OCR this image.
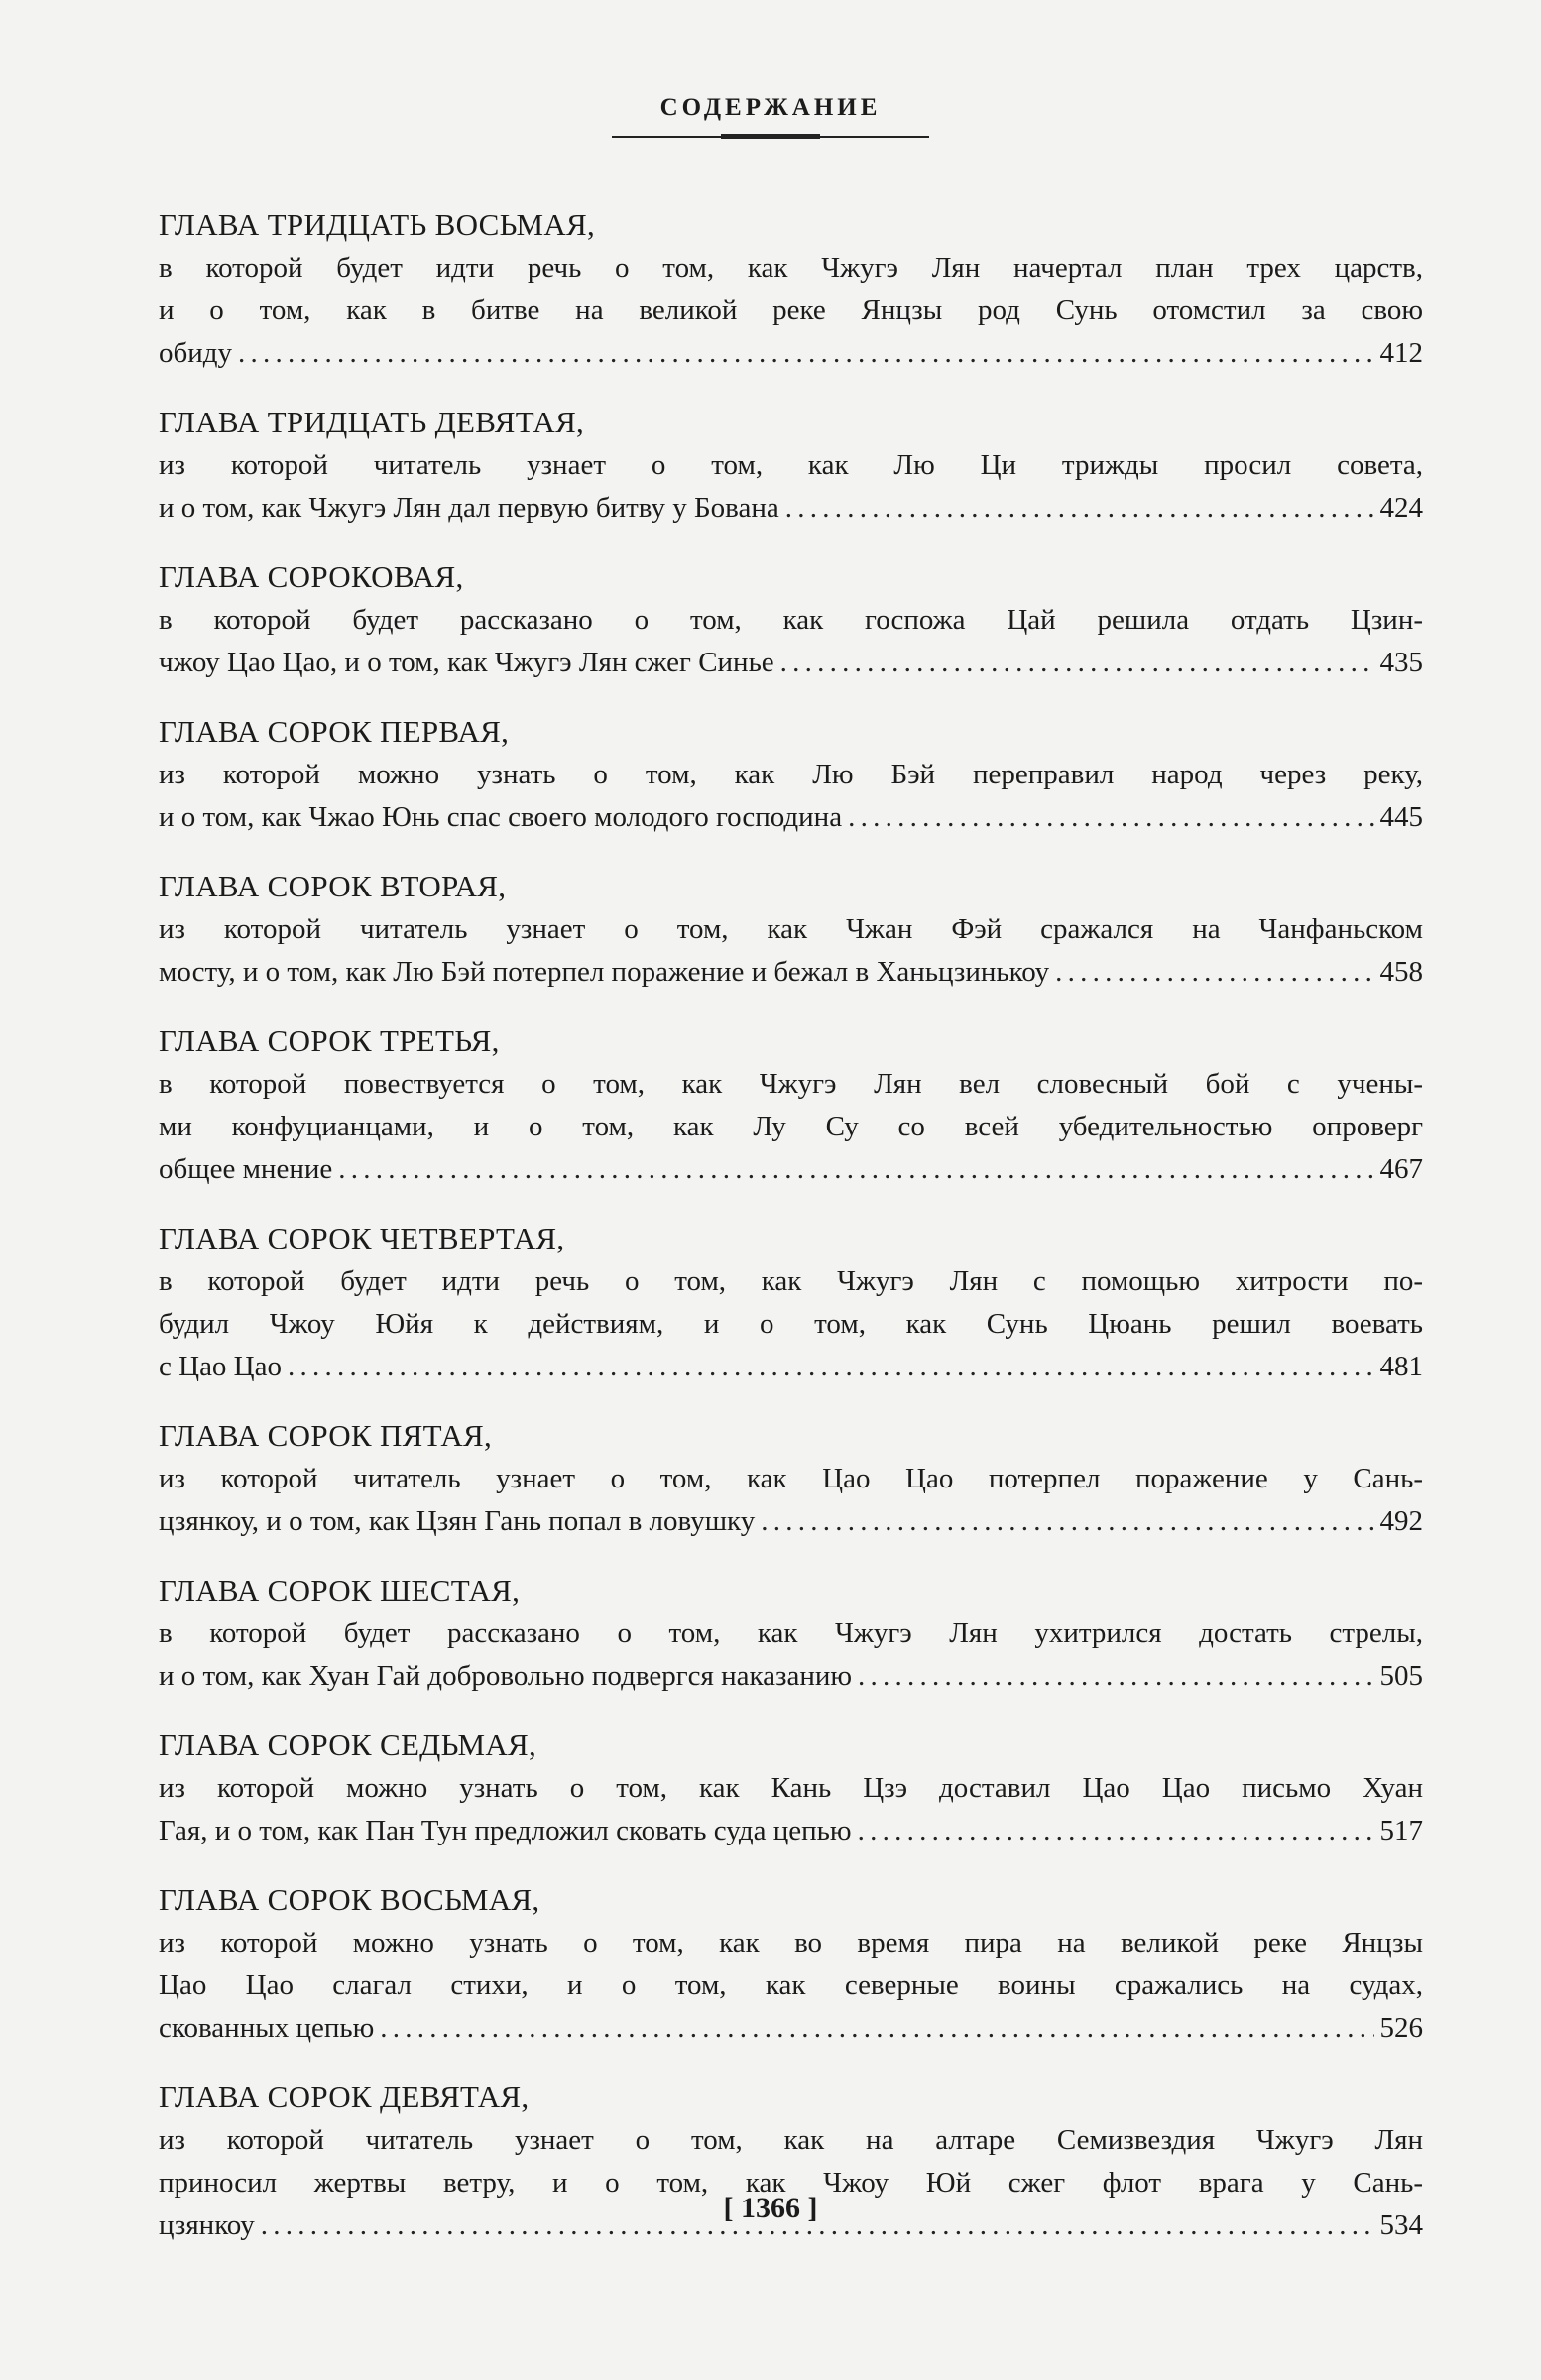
СОДЕРЖАНИЕ
ГЛАВА ТРИДЦАТЬ ВОСЬМАЯ,
в которой будет идти речь о том, как Чжугэ Лян начертал план трех царств,
и о том, как в битве на великой реке Янцзы род Сунь отомстил за свою
обиду . . .	412
ГЛАВА ТРИДЦАТЬ ДЕВЯТАЯ,
из которой читатель узнает о том, как Лю Ци трижды просил совета,
и о том, как Чжугэ Лян дал первую битву у Бована . . .	424
ГЛАВА СОРОКОВАЯ,
в которой будет рассказано о том, как госпожа Цай решила отдать Цзин-
чжоу Цао Цао, и о том, как Чжугэ Лян сжег Синье . . .	435
ГЛАВА СОРОК ПЕРВАЯ,
из которой можно узнать о том, как Лю Бэй переправил народ через реку,
и о том, как Чжао Юнь спас своего молодого господина . . .	445
ГЛАВА СОРОК ВТОРАЯ,
из которой читатель узнает о том, как Чжан Фэй сражался на Чанфаньском
мосту, и о том, как Лю Бэй потерпел поражение и бежал в Ханьцзинькоу . . .	458
ГЛАВА СОРОК ТРЕТЬЯ,
в которой повествуется о том, как Чжугэ Лян вел словесный бой с учены-
ми конфуцианцами, и о том, как Лу Су со всей убедительностью опроверг
общее мнение . . .	467
ГЛАВА СОРОК ЧЕТВЕРТАЯ,
в которой будет идти речь о том, как Чжугэ Лян с помощью хитрости по-
будил Чжоу Юйя к действиям, и о том, как Сунь Цюань решил воевать
с Цао Цао . . .	481
ГЛАВА СОРОК ПЯТАЯ,
из которой читатель узнает о том, как Цао Цао потерпел поражение у Сань-
цзянкоу, и о том, как Цзян Гань попал в ловушку . . .	492
ГЛАВА СОРОК ШЕСТАЯ,
в которой будет рассказано о том, как Чжугэ Лян ухитрился достать стрелы,
и о том, как Хуан Гай добровольно подвергся наказанию . . .	505
ГЛАВА СОРОК СЕДЬМАЯ,
из которой можно узнать о том, как Кань Цзэ доставил Цао Цао письмо Хуан
Гая, и о том, как Пан Тун предложил сковать суда цепью . . .	517
ГЛАВА СОРОК ВОСЬМАЯ,
из которой можно узнать о том, как во время пира на великой реке Янцзы
Цао Цао слагал стихи, и о том, как северные воины сражались на судах,
скованных цепью . . .	526
ГЛАВА СОРОК ДЕВЯТАЯ,
из которой читатель узнает о том, как на алтаре Семизвездия Чжугэ Лян
приносил жертвы ветру, и о том, как Чжоу Юй сжег флот врага у Сань-
цзянкоу . . .	534
[ 1366 ]
